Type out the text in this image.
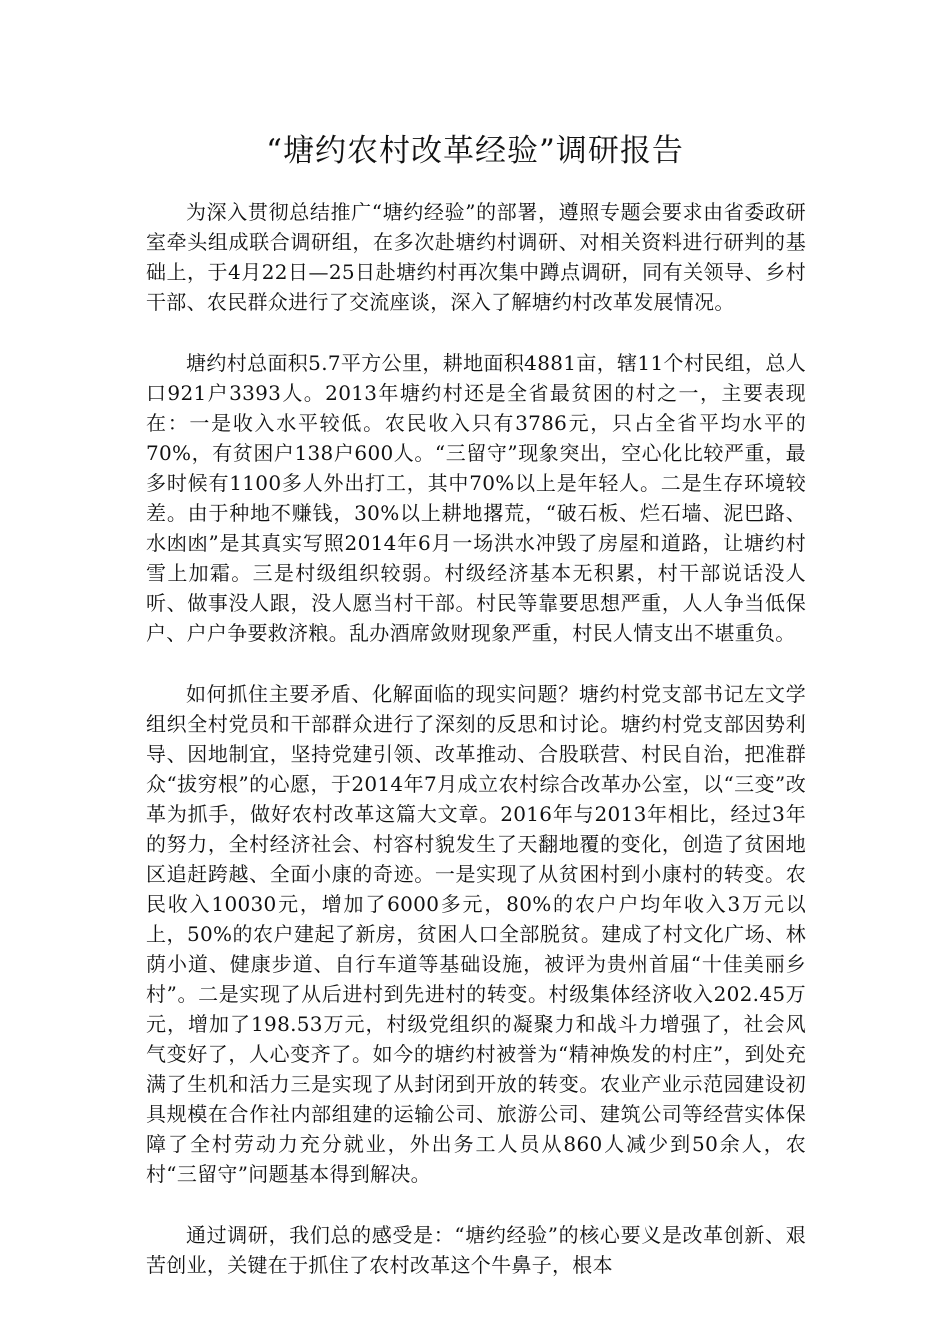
“塘约农村改革经验”调研报告

为深入贯彻总结推广“塘约经验”的部署，遵照专题会要求由省委政研室牵头组成联合调研组，在多次赴塘约村调研、对相关资料进行研判的基础上，于4月22日—25日赴塘约村再次集中蹲点调研，同有关领导、乡村干部、农民群众进行了交流座谈，深入了解塘约村改革发展情况。

塘约村总面积5.7平方公里，耕地面积4881亩，辖11个村民组，总人口921户3393人。2013年塘约村还是全省最贫困的村之一，主要表现在：一是收入水平较低。农民收入只有3786元，只占全省平均水平的70%，有贫困户138户600人。“三留守”现象突出，空心化比较严重，最多时候有1100多人外出打工，其中70%以上是年轻人。二是生存环境较差。由于种地不赚钱，30%以上耕地撂荒，“破石板、烂石墙、泥巴路、水凼凼”是其真实写照2014年6月一场洪水冲毁了房屋和道路，让塘约村雪上加霜。三是村级组织较弱。村级经济基本无积累，村干部说话没人听、做事没人跟，没人愿当村干部。村民等靠要思想严重，人人争当低保户、户户争要救济粮。乱办酒席敛财现象严重，村民人情支出不堪重负。

如何抓住主要矛盾、化解面临的现实问题？塘约村党支部书记左文学组织全村党员和干部群众进行了深刻的反思和讨论。塘约村党支部因势利导、因地制宜，坚持党建引领、改革推动、合股联营、村民自治，把准群众“拔穷根”的心愿，于2014年7月成立农村综合改革办公室，以“三变”改革为抓手，做好农村改革这篇大文章。2016年与2013年相比，经过3年的努力，全村经济社会、村容村貌发生了天翻地覆的变化，创造了贫困地区追赶跨越、全面小康的奇迹。一是实现了从贫困村到小康村的转变。农民收入10030元，增加了6000多元，80%的农户户均年收入3万元以上，50%的农户建起了新房，贫困人口全部脱贫。建成了村文化广场、林荫小道、健康步道、自行车道等基础设施，被评为贵州首届“十佳美丽乡村”。二是实现了从后进村到先进村的转变。村级集体经济收入202.45万元，增加了198.53万元，村级党组织的凝聚力和战斗力增强了，社会风气变好了，人心变齐了。如今的塘约村被誉为“精神焕发的村庄”，到处充满了生机和活力三是实现了从封闭到开放的转变。农业产业示范园建设初具规模在合作社内部组建的运输公司、旅游公司、建筑公司等经营实体保障了全村劳动力充分就业，外出务工人员从860人减少到50余人，农村“三留守”问题基本得到解决。

通过调研，我们总的感受是：“塘约经验”的核心要义是改革创新、艰苦创业，关键在于抓住了农村改革这个牛鼻子，根本
